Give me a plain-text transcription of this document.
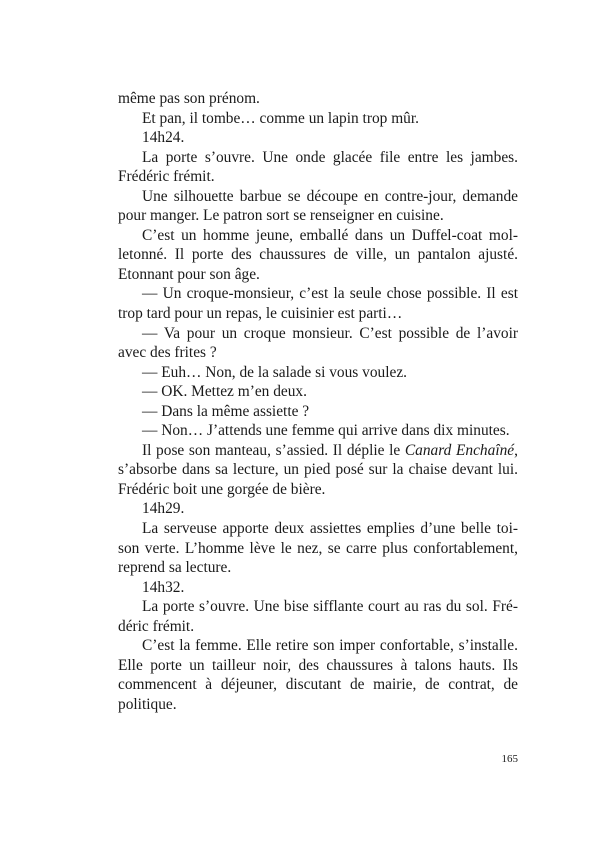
même pas son prénom.

Et pan, il tombe… comme un lapin trop mûr.

14h24.

La porte s’ouvre. Une onde glacée file entre les jambes. Frédéric frémit.

Une silhouette barbue se découpe en contre-jour, demande pour manger. Le patron sort se renseigner en cuisine.

C’est un homme jeune, emballé dans un Duffel-coat molletonné. Il porte des chaussures de ville, un pantalon ajusté. Etonnant pour son âge.

— Un croque-monsieur, c’est la seule chose possible. Il est trop tard pour un repas, le cuisinier est parti…

— Va pour un croque monsieur. C’est possible de l’avoir avec des frites ?

— Euh… Non, de la salade si vous voulez.

— OK. Mettez m’en deux.

— Dans la même assiette ?

— Non… J’attends une femme qui arrive dans dix minutes.

Il pose son manteau, s’assied. Il déplie le Canard Enchaîné, s’absorbe dans sa lecture, un pied posé sur la chaise devant lui. Frédéric boit une gorgée de bière.

14h29.

La serveuse apporte deux assiettes emplies d’une belle toison verte. L’homme lève le nez, se carre plus confortablement, reprend sa lecture.

14h32.

La porte s’ouvre. Une bise sifflante court au ras du sol. Frédéric frémit.

C’est la femme. Elle retire son imper confortable, s’installe. Elle porte un tailleur noir, des chaussures à talons hauts. Ils commencent à déjeuner, discutant de mairie, de contrat, de politique.

165
